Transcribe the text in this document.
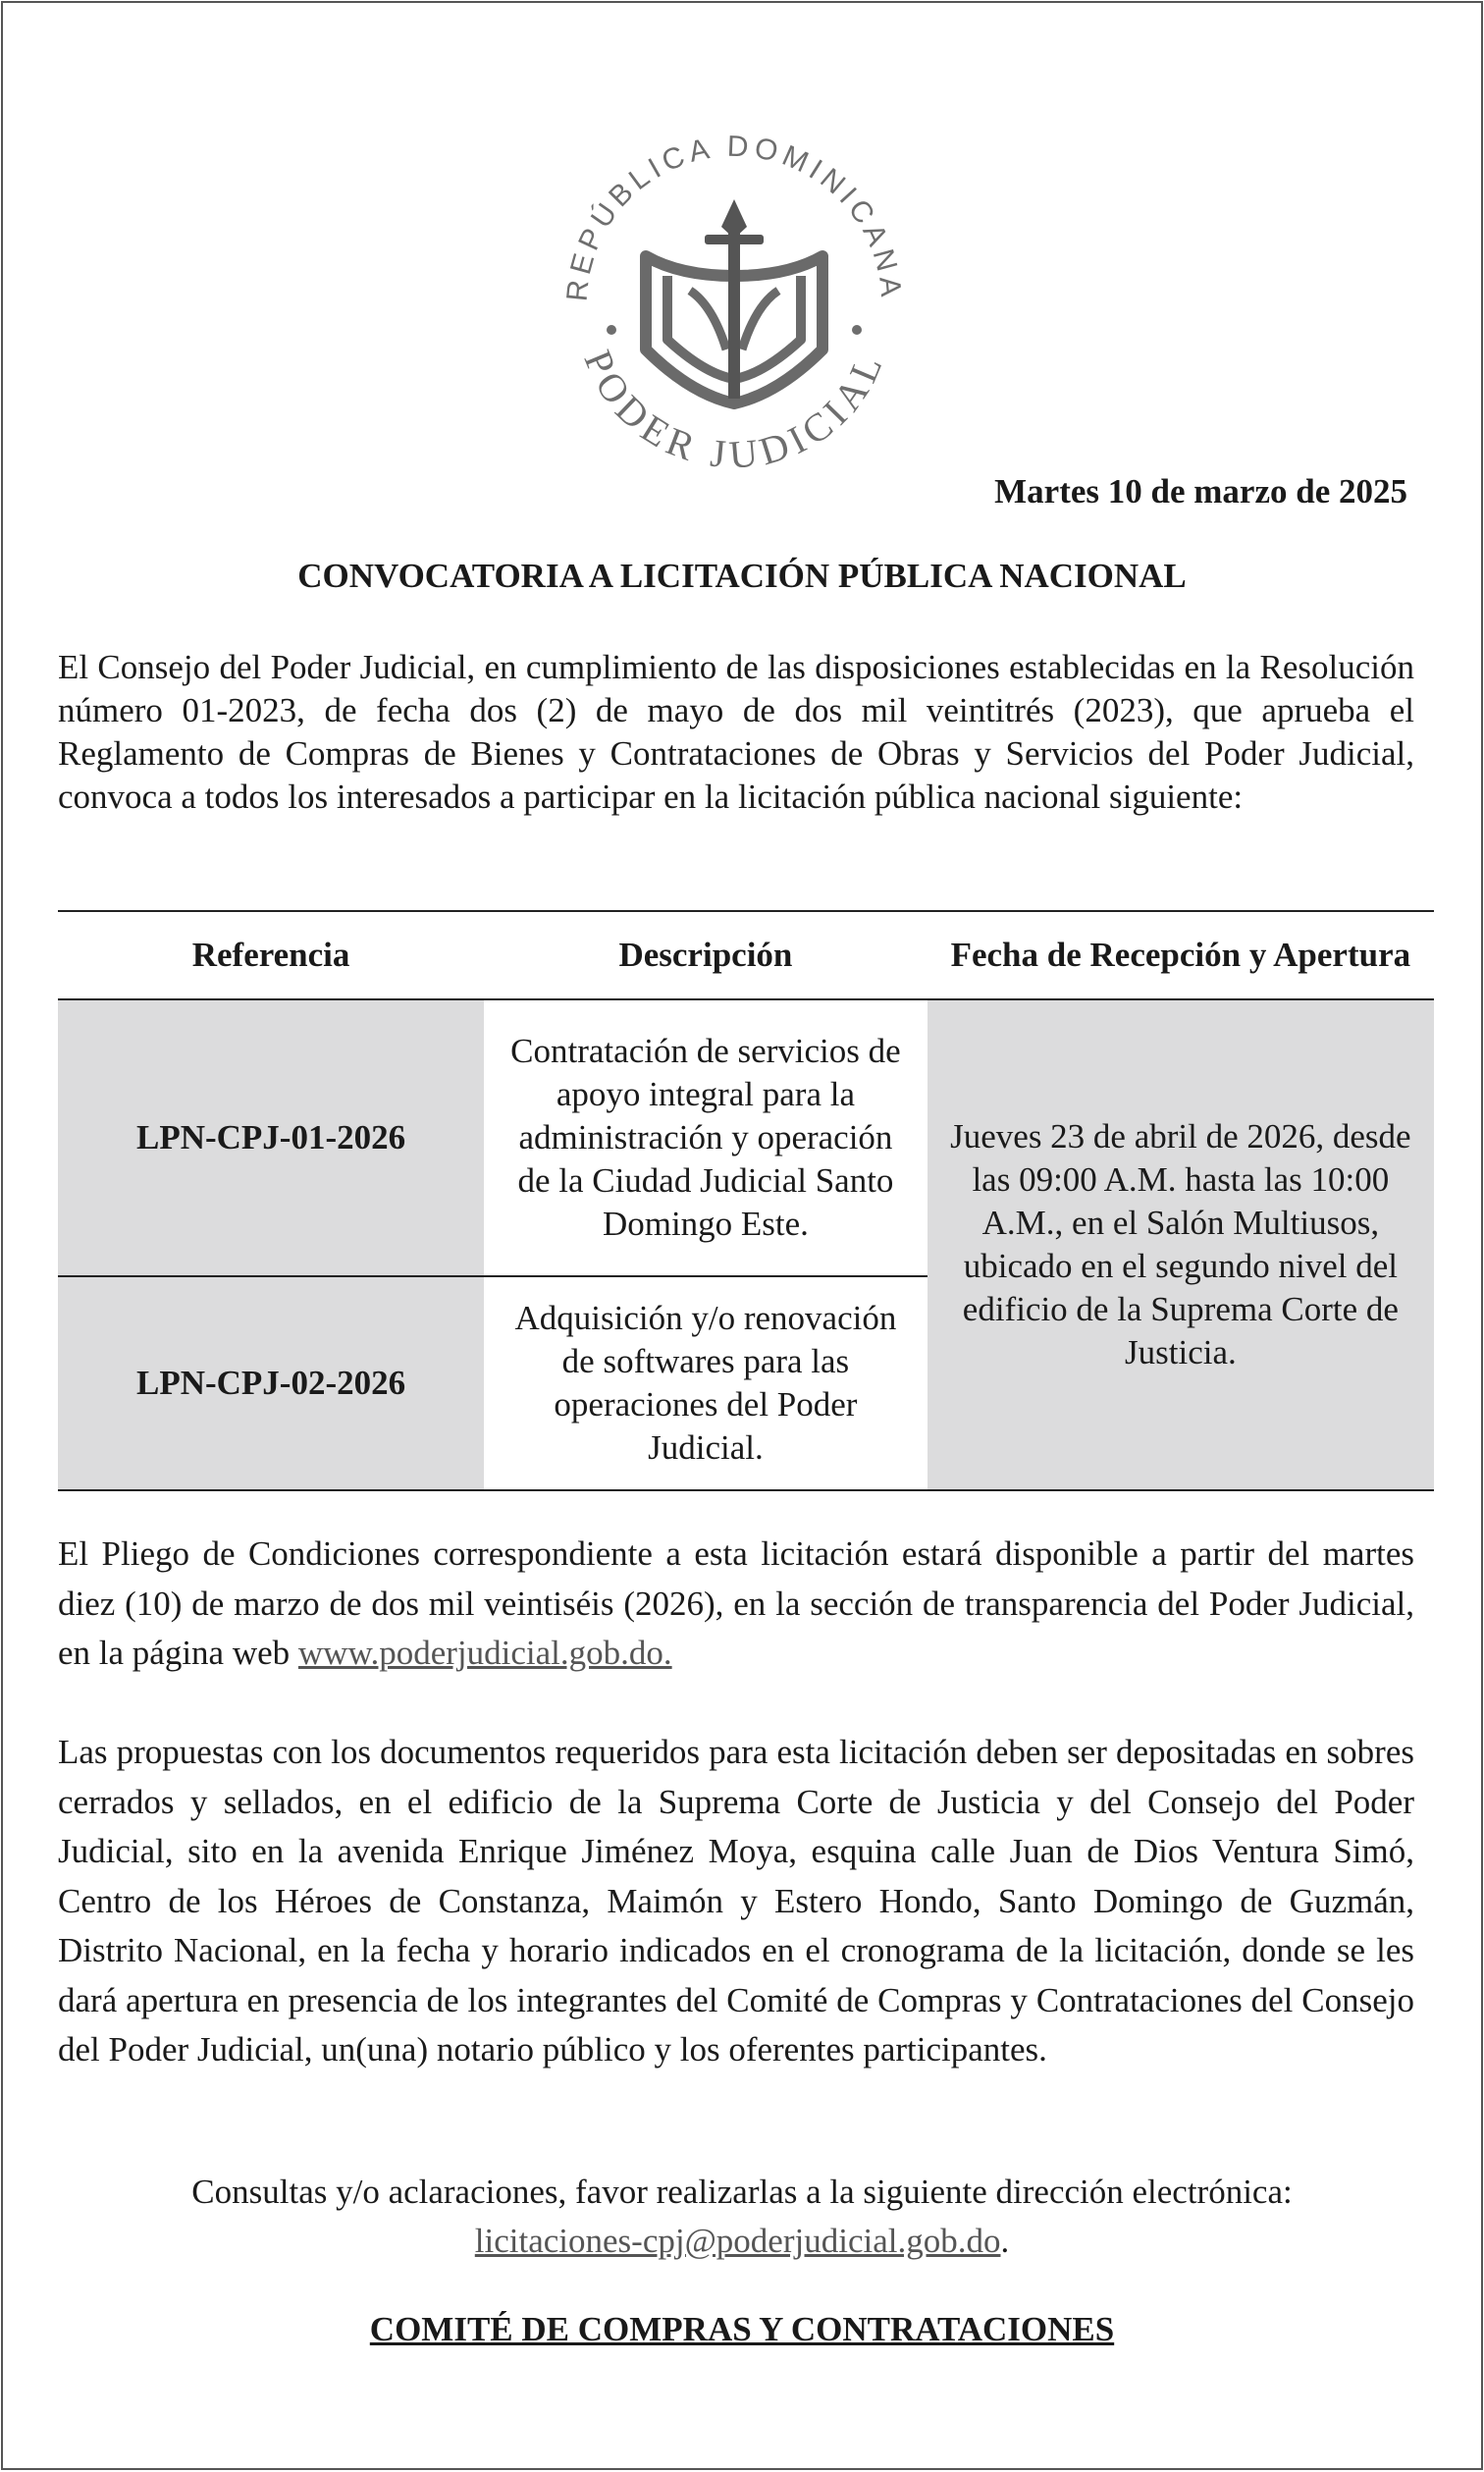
REPÚBLICA DOMINICANA
PODER JUDICIAL
Martes 10 de marzo de 2025
CONVOCATORIA A LICITACIÓN PÚBLICA NACIONAL
El Consejo del Poder Judicial, en cumplimiento de las disposiciones establecidas en la Resolución número 01-2023, de fecha dos (2) de mayo de dos mil veintitrés (2023), que aprueba el Reglamento de Compras de Bienes y Contrataciones de Obras y Servicios del Poder Judicial, convoca a todos los interesados a participar en la licitación pública nacional siguiente:
Referencia	Descripción	Fecha de Recepción y Apertura
LPN-CPJ-01-2026	Contratación de servicios de apoyo integral para la administración y operación de la Ciudad Judicial Santo Domingo Este.	Jueves 23 de abril de 2026, desde las 09:00 A.M. hasta las 10:00 A.M., en el Salón Multiusos, ubicado en el segundo nivel del edificio de la Suprema Corte de Justicia.
LPN-CPJ-02-2026	Adquisición y/o renovación de softwares para las operaciones del Poder Judicial.	
El Pliego de Condiciones correspondiente a esta licitación estará disponible a partir del martes diez (10) de marzo de dos mil veintiséis (2026), en la sección de transparencia del Poder Judicial, en la página web www.poderjudicial.gob.do.
Las propuestas con los documentos requeridos para esta licitación deben ser depositadas en sobres cerrados y sellados, en el edificio de la Suprema Corte de Justicia y del Consejo del Poder Judicial, sito en la avenida Enrique Jiménez Moya, esquina calle Juan de Dios Ventura Simó, Centro de los Héroes de Constanza, Maimón y Estero Hondo, Santo Domingo de Guzmán, Distrito Nacional, en la fecha y horario indicados en el cronograma de la licitación, donde se les dará apertura en presencia de los integrantes del Comité de Compras y Contrataciones del Consejo del Poder Judicial, un(una) notario público y los oferentes participantes.
Consultas y/o aclaraciones, favor realizarlas a la siguiente dirección electrónica:
licitaciones-cpj@poderjudicial.gob.do.
COMITÉ DE COMPRAS Y CONTRATACIONES
